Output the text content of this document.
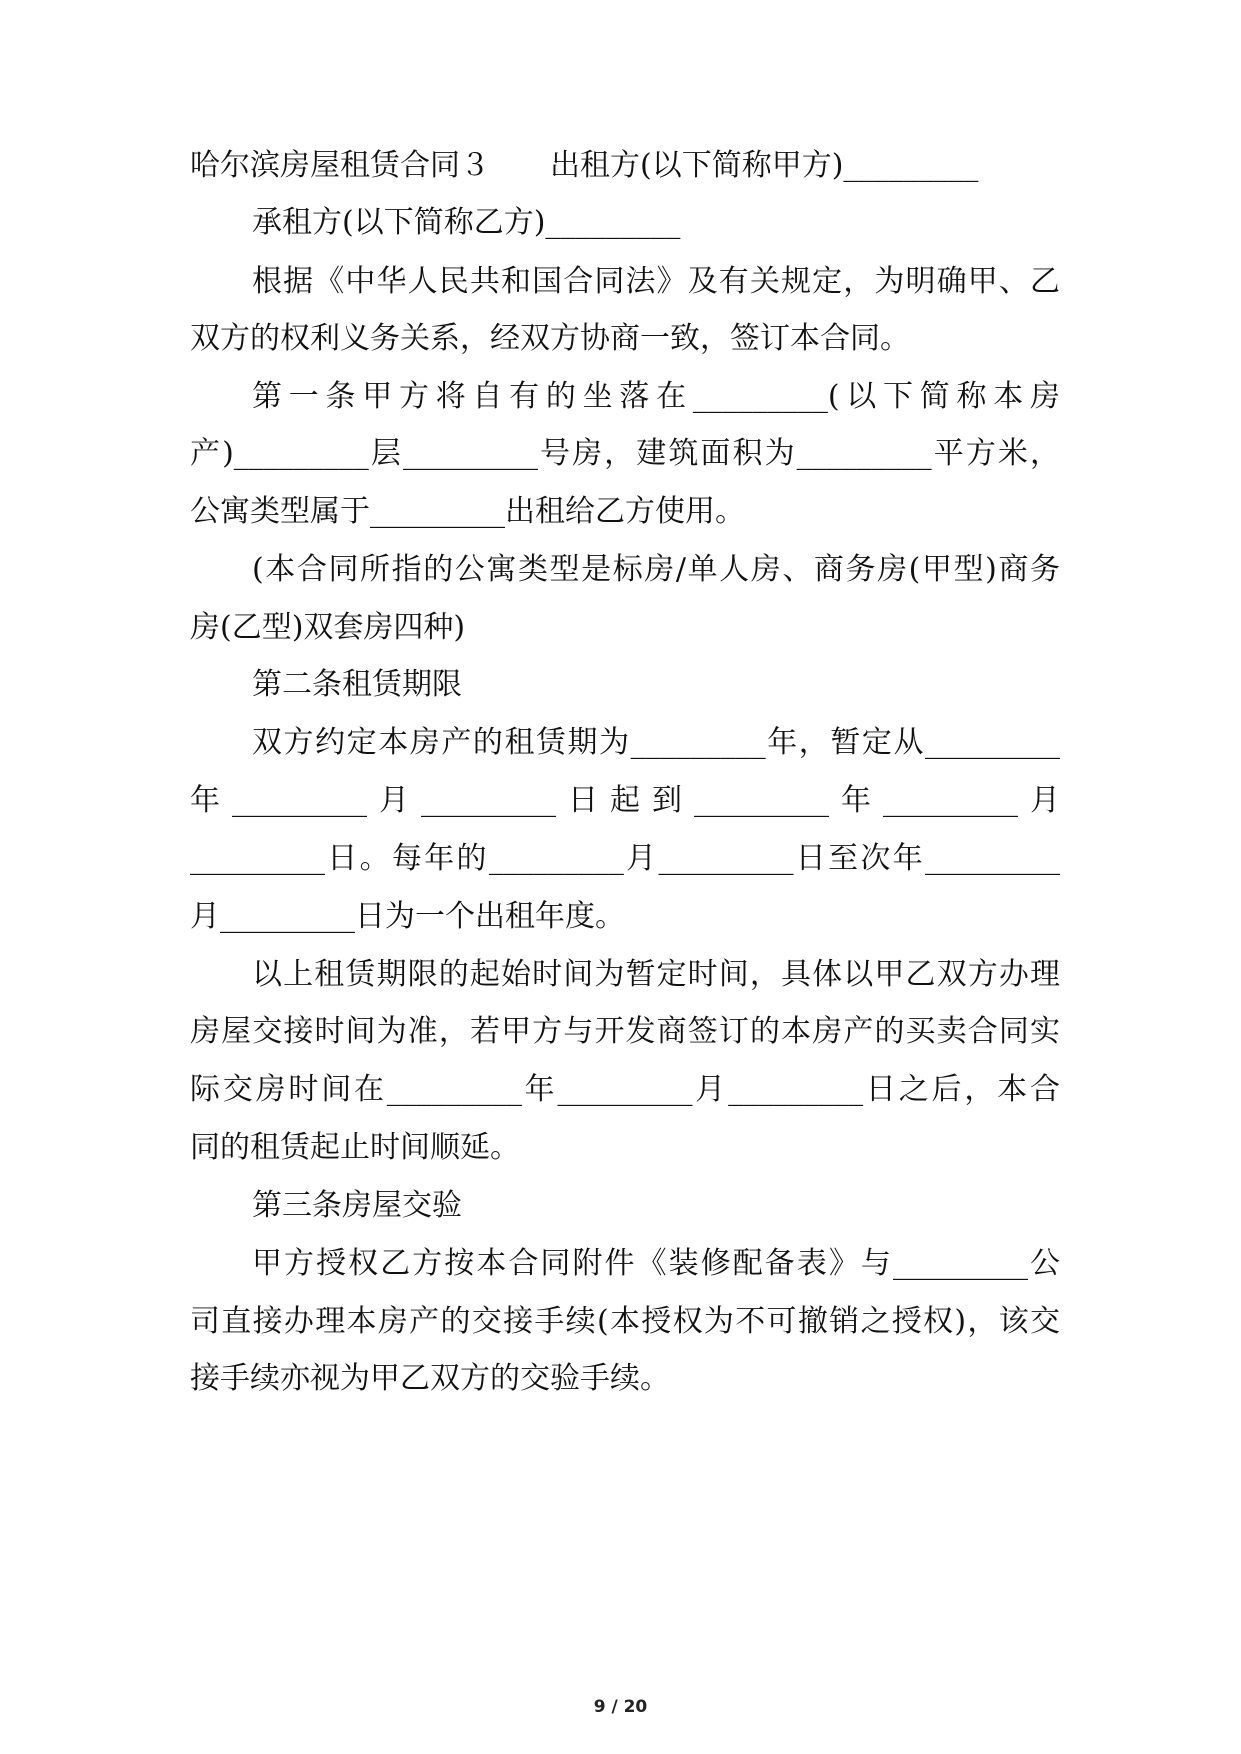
哈尔滨房屋租赁合同３　　出租方(以下简称甲方)_________
承租方(以下简称乙方)_________
根据《中华人民共和国合同法》及有关规定，为明确甲、乙
双方的权利义务关系，经双方协商一致，签订本合同。
第一条甲方将自有的坐落在_________(以下简称本房
产)_________层_________号房，建筑面积为_________平方米，
公寓类型属于_________出租给乙方使用。
(本合同所指的公寓类型是标房/单人房、商务房(甲型)商务
房(乙型)双套房四种)
第二条租赁期限
双方约定本房产的租赁期为_________年，暂定从_________
年_________月_________日起到_________年_________月
_________日。每年的_________月_________日至次年_________
月_________日为一个出租年度。
以上租赁期限的起始时间为暂定时间，具体以甲乙双方办理
房屋交接时间为准，若甲方与开发商签订的本房产的买卖合同实
际交房时间在_________年_________月_________日之后，本合
同的租赁起止时间顺延。
第三条房屋交验
甲方授权乙方按本合同附件《装修配备表》与_________公
司直接办理本房产的交接手续(本授权为不可撤销之授权)，该交
接手续亦视为甲乙双方的交验手续。
9 / 20
